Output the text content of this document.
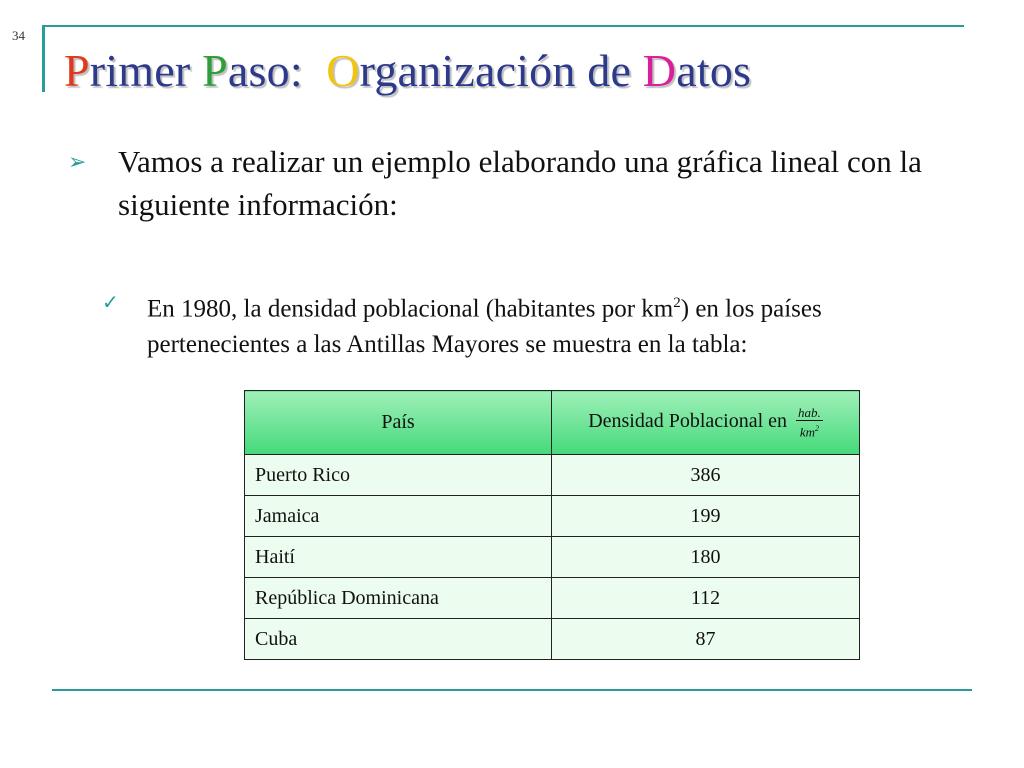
34
Primer Paso:  Organización de Datos
➢ Vamos a realizar un ejemplo elaborando una gráfica lineal con la siguiente información:
✓ En 1980, la densidad poblacional (habitantes por $km^2$) en los países pertenecientes a las Antillas Mayores se muestra en la tabla:
País	Densidad Poblacional en $\frac{\text{hab.}}{km^2}$

Puerto Rico	386
Jamaica	199
Haití	180
República Dominicana	112
Cuba	87
